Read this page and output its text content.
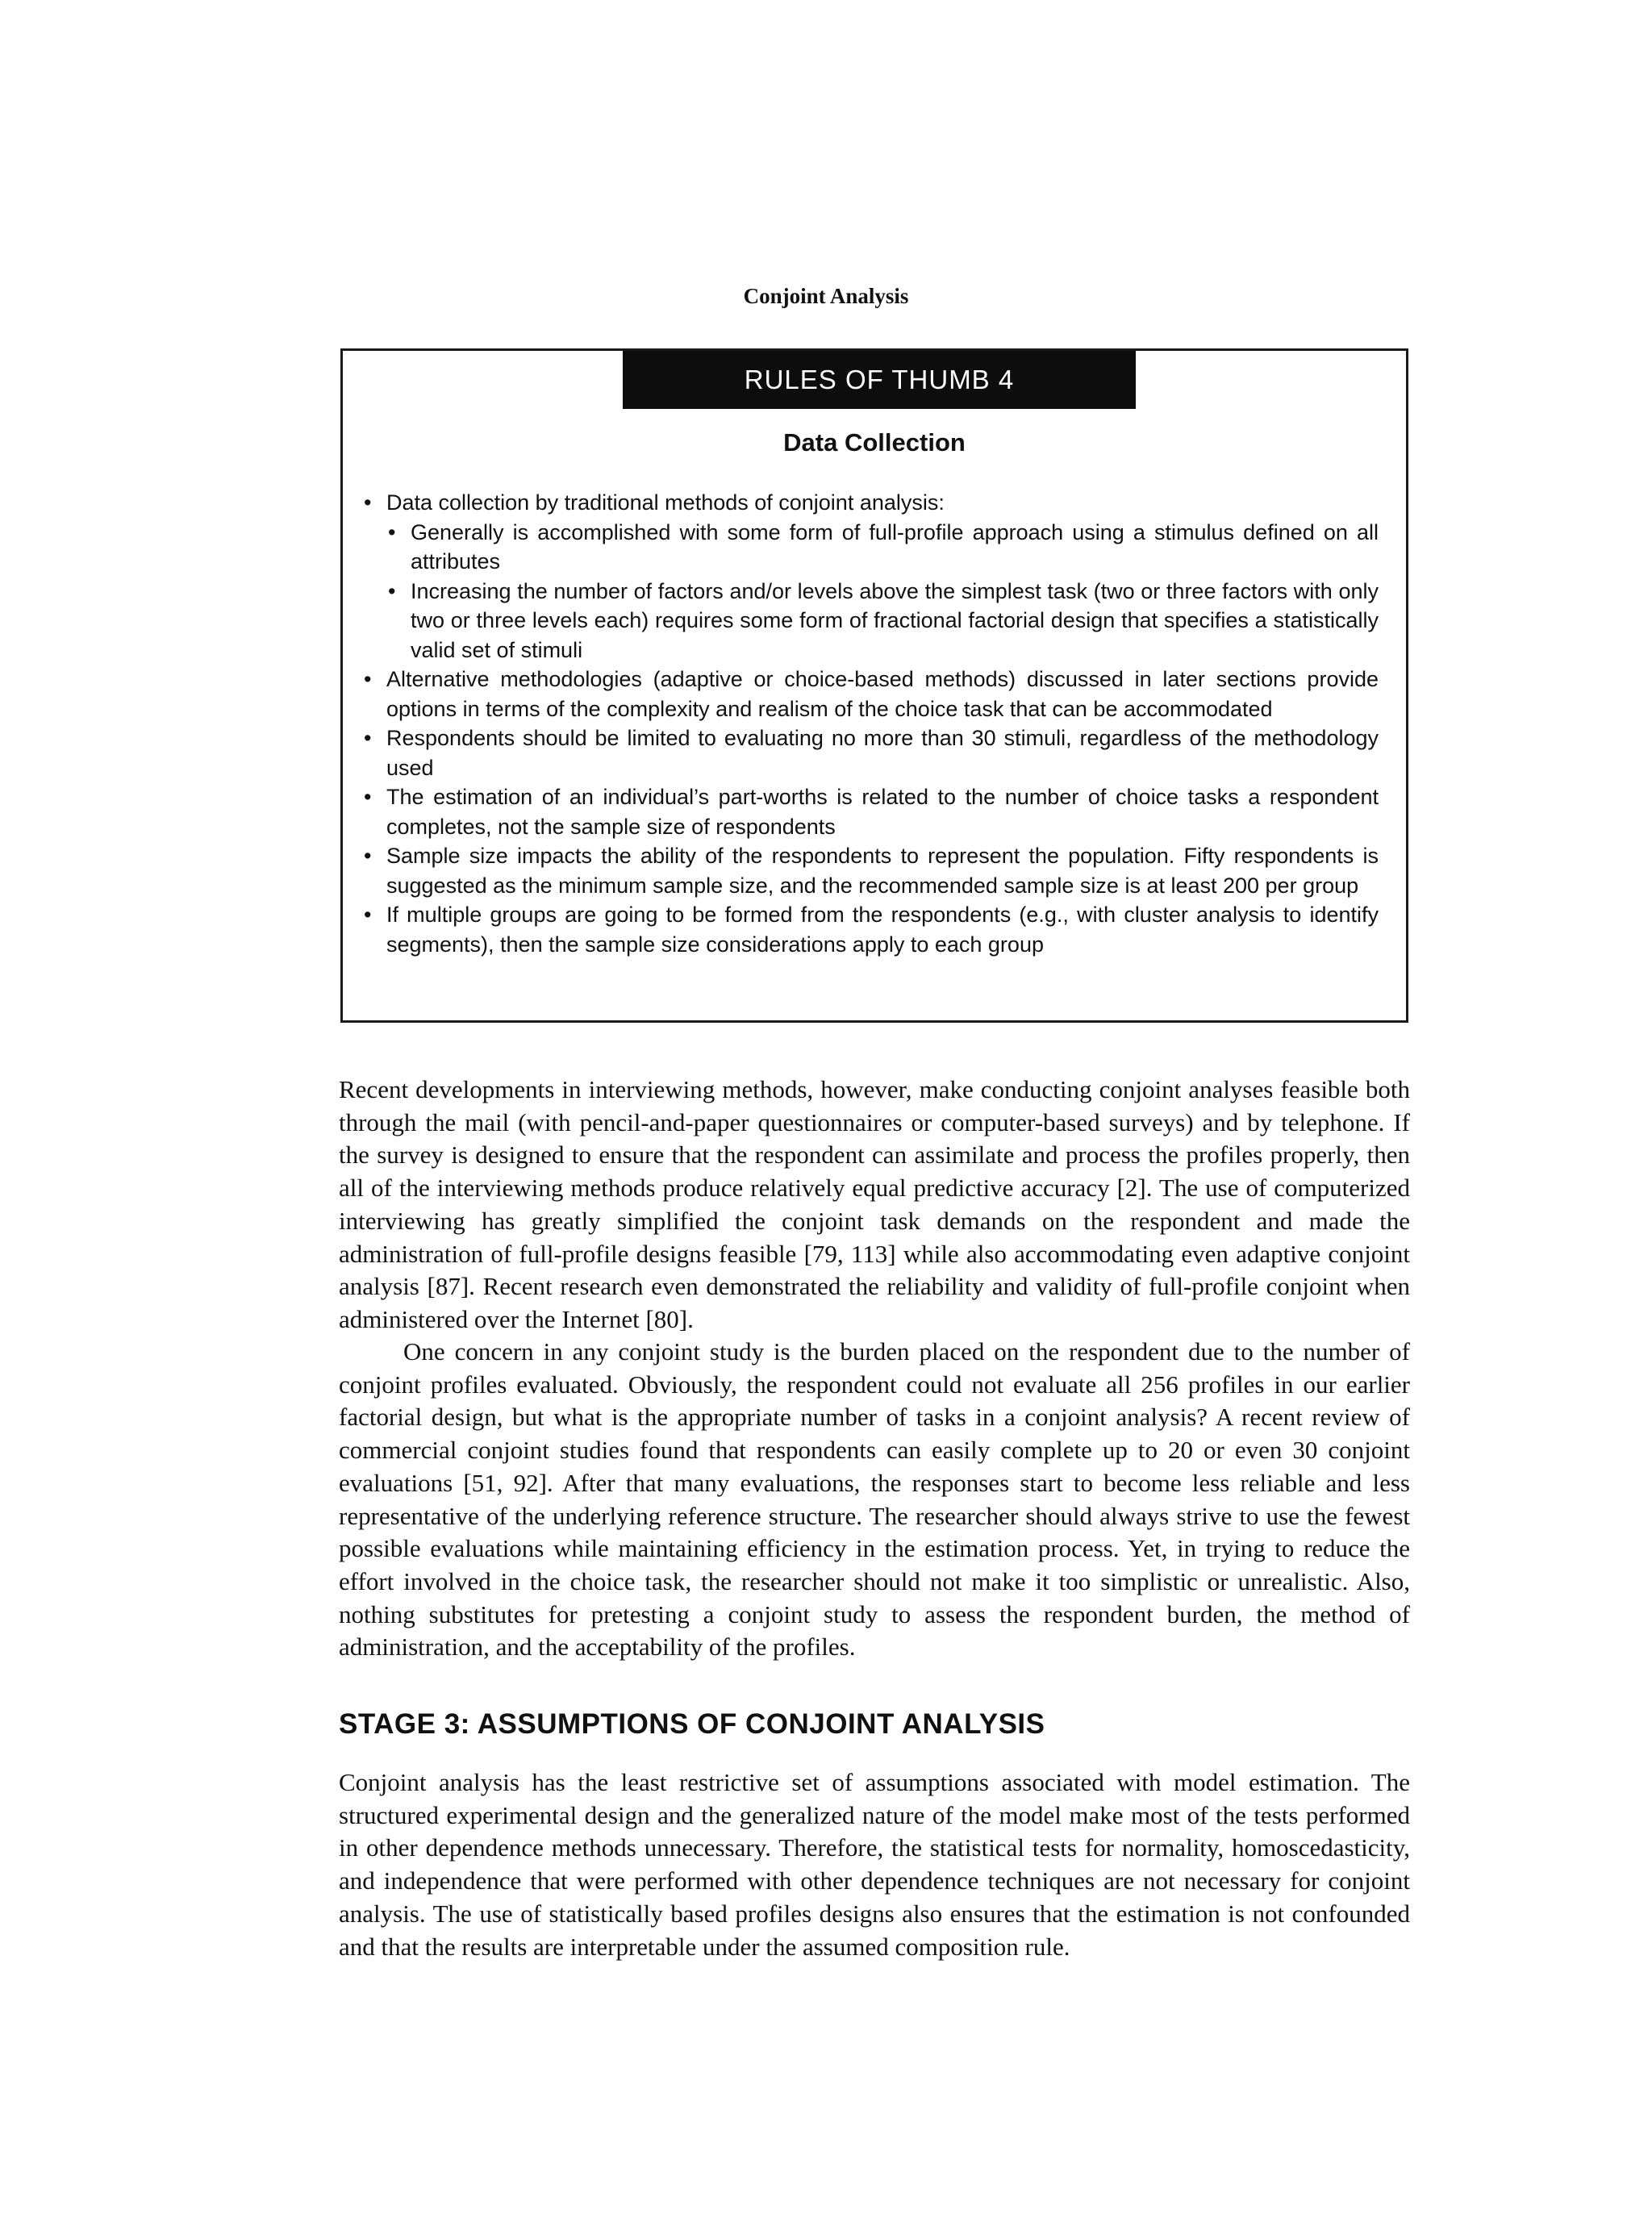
Conjoint Analysis
RULES OF THUMB 4
Data Collection
• Data collection by traditional methods of conjoint analysis:
• Generally is accomplished with some form of full-profile approach using a stimulus defined on all attributes
• Increasing the number of factors and/or levels above the simplest task (two or three factors with only two or three levels each) requires some form of fractional factorial design that specifies a statistically valid set of stimuli
• Alternative methodologies (adaptive or choice-based methods) discussed in later sections provide options in terms of the complexity and realism of the choice task that can be accommodated
• Respondents should be limited to evaluating no more than 30 stimuli, regardless of the methodology used
• The estimation of an individual’s part-worths is related to the number of choice tasks a respondent completes, not the sample size of respondents
• Sample size impacts the ability of the respondents to represent the population. Fifty respondents is suggested as the minimum sample size, and the recommended sample size is at least 200 per group
• If multiple groups are going to be formed from the respondents (e.g., with cluster analysis to identify segments), then the sample size considerations apply to each group

Recent developments in interviewing methods, however, make conducting conjoint analyses feasible both through the mail (with pencil-and-paper questionnaires or computer-based surveys) and by telephone. If the survey is designed to ensure that the respondent can assimilate and process the profiles properly, then all of the interviewing methods produce relatively equal predictive accuracy [2]. The use of computerized interviewing has greatly simplified the conjoint task demands on the respondent and made the administration of full-profile designs feasible [79, 113] while also accommodating even adaptive conjoint analysis [87]. Recent research even demonstrated the reliability and validity of full-profile conjoint when administered over the Internet [80].

One concern in any conjoint study is the burden placed on the respondent due to the number of conjoint profiles evaluated. Obviously, the respondent could not evaluate all 256 profiles in our earlier factorial design, but what is the appropriate number of tasks in a conjoint analysis? A recent review of commercial conjoint studies found that respondents can easily complete up to 20 or even 30 conjoint evaluations [51, 92]. After that many evaluations, the responses start to become less reliable and less representative of the underlying reference structure. The researcher should always strive to use the fewest possible evaluations while maintaining efficiency in the estimation process. Yet, in trying to reduce the effort involved in the choice task, the researcher should not make it too simplistic or unrealistic. Also, nothing substitutes for pretesting a conjoint study to assess the respondent burden, the method of administration, and the acceptability of the profiles.

STAGE 3: ASSUMPTIONS OF CONJOINT ANALYSIS

Conjoint analysis has the least restrictive set of assumptions associated with model estimation. The structured experimental design and the generalized nature of the model make most of the tests performed in other dependence methods unnecessary. Therefore, the statistical tests for normality, homoscedasticity, and independence that were performed with other dependence techniques are not necessary for conjoint analysis. The use of statistically based profiles designs also ensures that the estimation is not confounded and that the results are interpretable under the assumed composition rule.
